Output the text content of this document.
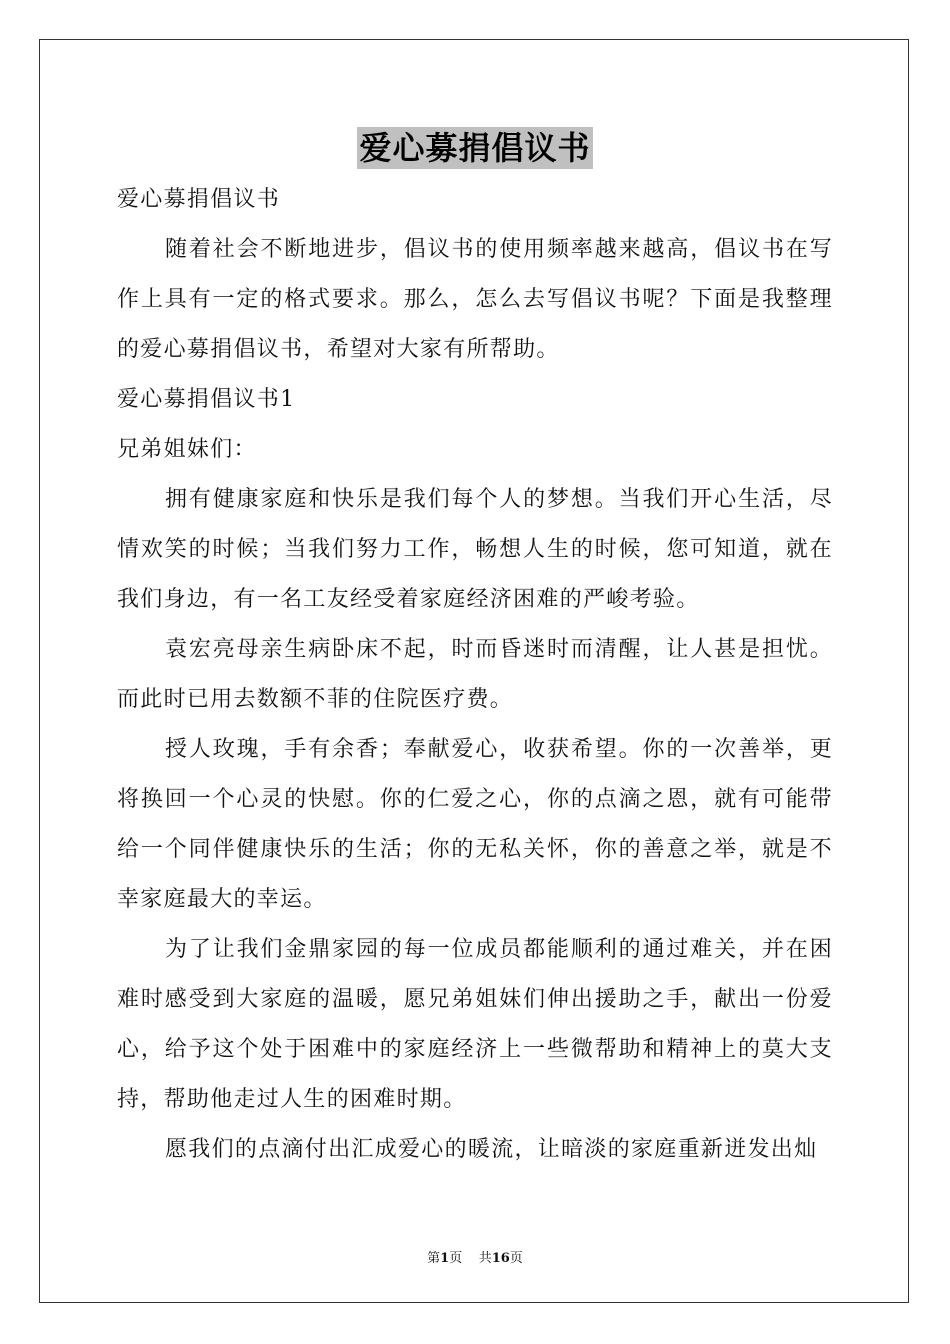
爱心募捐倡议书

爱心募捐倡议书

随着社会不断地进步，倡议书的使用频率越来越高，倡议书在写作上具有一定的格式要求。那么，怎么去写倡议书呢？下面是我整理的爱心募捐倡议书，希望对大家有所帮助。

爱心募捐倡议书1

兄弟姐妹们：

拥有健康家庭和快乐是我们每个人的梦想。当我们开心生活，尽情欢笑的时候；当我们努力工作，畅想人生的时候，您可知道，就在我们身边，有一名工友经受着家庭经济困难的严峻考验。

袁宏亮母亲生病卧床不起，时而昏迷时而清醒，让人甚是担忧。而此时已用去数额不菲的住院医疗费。

授人玫瑰，手有余香；奉献爱心，收获希望。你的一次善举，更将换回一个心灵的快慰。你的仁爱之心，你的点滴之恩，就有可能带给一个同伴健康快乐的生活；你的无私关怀，你的善意之举，就是不幸家庭最大的幸运。

为了让我们金鼎家园的每一位成员都能顺利的通过难关，并在困难时感受到大家庭的温暖，愿兄弟姐妹们伸出援助之手，献出一份爱心，给予这个处于困难中的家庭经济上一些微帮助和精神上的莫大支持，帮助他走过人生的困难时期。

愿我们的点滴付出汇成爱心的暖流，让暗淡的家庭重新迸发出灿

第1页 共16页
